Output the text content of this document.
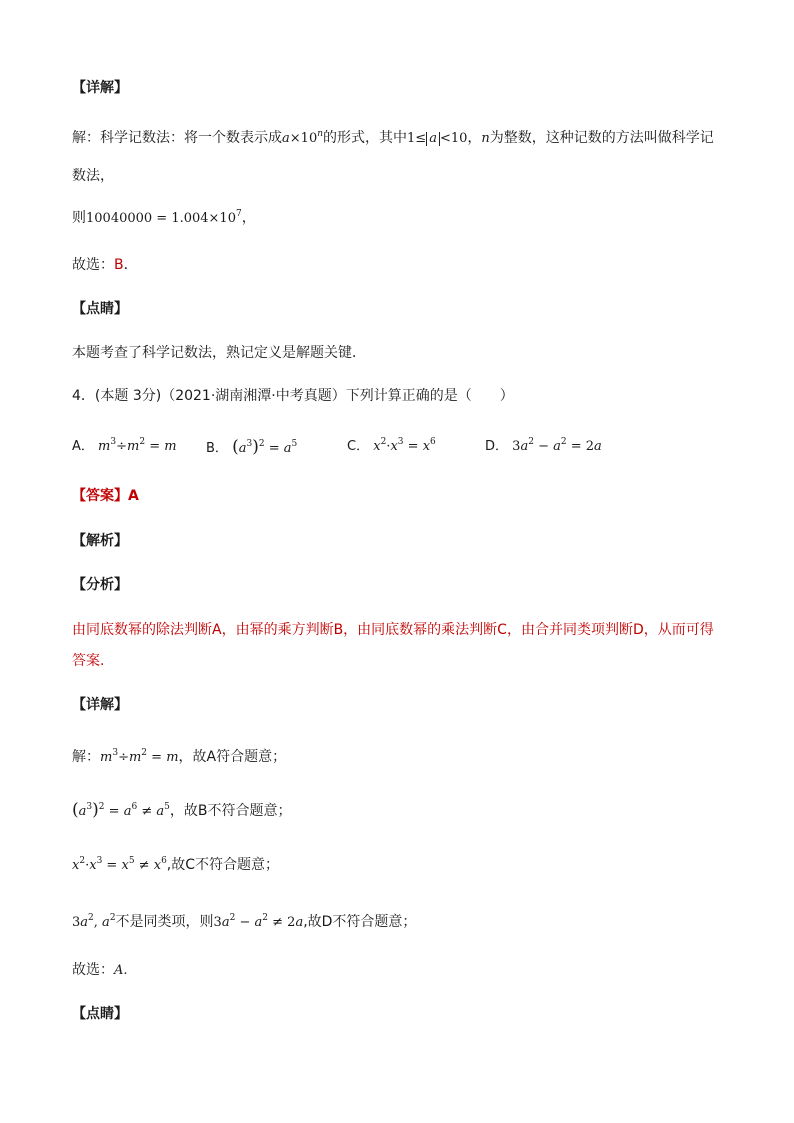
【详解】
解：科学记数法：将一个数表示成$a\times 10^n$的形式，其中1≤ a <10，n为整数，这种记数的方法叫做科学记
数法，
则$10040000 = 1.004\times 10^7$，
故选：B．
【点睛】
本题考查了科学记数法，熟记定义是解题关键．
4．(本题 3分)（2021·湖南湘潭·中考真题）下列计算正确的是（　　）
A． $m^3\div m^2 = m$ B． $(a^3)^2 = a^5$	C． $x^2\cdot x^3 = x^6$	D． $3a^2 - a^2 = 2a$
【答案】A
【解析】
【分析】
由同底数幂的除法判断A，由幂的乘方判断B，由同底数幂的乘法判断C，由合并同类项判断D，从而可得
答案.
【详解】
解：$m^3\div m^2 = m$，故A符合题意；
$(a^3)^2 = a^6 \ne a^5$，故B不符合题意；
$x^2\cdot x^3 = x^5 \ne x^6$,故C不符合题意；
$3a^2$, $a^2$不是同类项，则$3a^2 - a^2 \ne 2a$,故D不符合题意；
故选：A.
【点睛】
